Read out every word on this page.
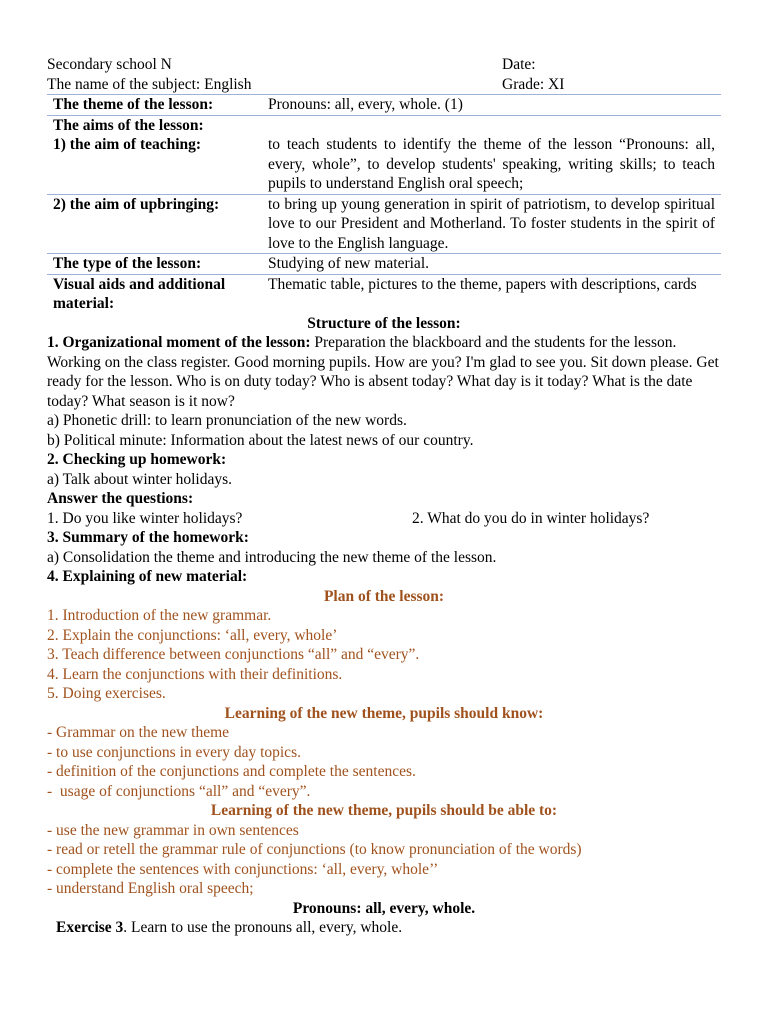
Secondary school N	Date:
The name of the subject: English	Grade: XI
The theme of the lesson:	Pronouns: all, every, whole. (1)
The aims of the lesson:	
1) the aim of teaching:	to teach students to identify the theme of the lesson “Pronouns: all, every, whole”, to develop students' speaking, writing skills; to teach pupils to understand English oral speech;
2) the aim of upbringing:	to bring up young generation in spirit of patriotism, to develop spiritual love to our President and Motherland. To foster students in the spirit of love to the English language.
The type of the lesson:	Studying of new material.
Visual aids and additional material:	Thematic table, pictures to the theme, papers with descriptions, cards
Structure of the lesson:
1. Organizational moment of the lesson: Preparation the blackboard and the students for the lesson. Working on the class register. Good morning pupils. How are you? I'm glad to see you. Sit down please. Get ready for the lesson. Who is on duty today? Who is absent today? What day is it today? What is the date today? What season is it now?
a) Phonetic drill: to learn pronunciation of the new words.
b) Political minute: Information about the latest news of our country.
2. Checking up homework:
a) Talk about winter holidays.
Answer the questions:
1. Do you like winter holidays?	2. What do you do in winter holidays?
3. Summary of the homework:
a) Consolidation the theme and introducing the new theme of the lesson.
4. Explaining of new material:
Plan of the lesson:
1. Introduction of the new grammar.
2. Explain the conjunctions: ‘all, every, whole’
3. Teach difference between conjunctions “all” and “every”.
4. Learn the conjunctions with their definitions.
5. Doing exercises.
Learning of the new theme, pupils should know:
- Grammar on the new theme
- to use conjunctions in every day topics.
- definition of the conjunctions and complete the sentences.
-  usage of conjunctions “all” and “every”.
Learning of the new theme, pupils should be able to:
- use the new grammar in own sentences
- read or retell the grammar rule of conjunctions (to know pronunciation of the words)
- complete the sentences with conjunctions: ‘all, every, whole’’
- understand English oral speech;
Pronouns: all, every, whole.
Exercise 3. Learn to use the pronouns all, every, whole.
